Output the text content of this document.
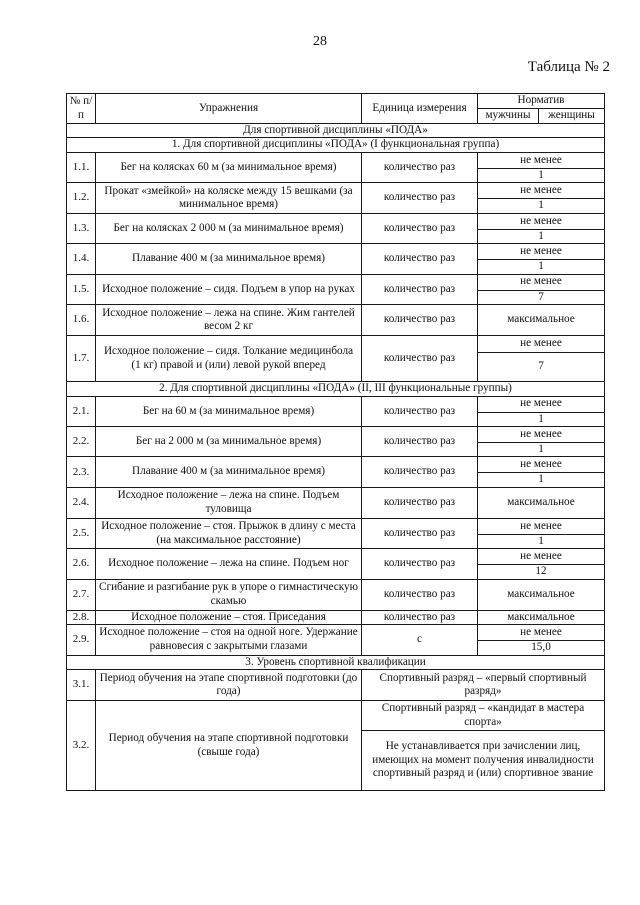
28
Таблица № 2
№ п/п	Упражнения	Единица измерения	Норматив	
			мужчины	женщины
Для спортивной дисциплины «ПОДА»				
1. Для спортивной дисциплины «ПОДА» (I функциональная группа)				
1.1.	Бег на колясках 60 м (за минимальное время)	количество раз	не менее	
			1	
1.2.	Прокат «змейкой» на коляске между 15 вешками (за минимальное время)	количество раз	не менее	
			1	
1.3.	Бег на колясках 2 000 м (за минимальное время)	количество раз	не менее	
			1	
1.4.	Плавание 400 м (за минимальное время)	количество раз	не менее	
			1	
1.5.	Исходное положение – сидя. Подъем в упор на руках	количество раз	не менее	
			7	
1.6.	Исходное положение – лежа на спине. Жим гантелей весом 2 кг	количество раз	максимальное	
1.7.	Исходное положение – сидя. Толкание медицинбола (1 кг) правой и (или) левой рукой вперед	количество раз	не менее	
			7	
2. Для спортивной дисциплины «ПОДА» (II, III функциональные группы)				
2.1.	Бег на 60 м (за минимальное время)	количество раз	не менее	
			1	
2.2.	Бег на 2 000 м (за минимальное время)	количество раз	не менее	
			1	
2.3.	Плавание 400 м (за минимальное время)	количество раз	не менее	
			1	
2.4.	Исходное положение – лежа на спине. Подъем туловища	количество раз	максимальное	
2.5.	Исходное положение – стоя. Прыжок в длину с места (на максимальное расстояние)	количество раз	не менее	
			1	
2.6.	Исходное положение – лежа на спине. Подъем ног	количество раз	не менее	
			12	
2.7.	Сгибание и разгибание рук в упоре о гимнастическую скамью	количество раз	максимальное	
2.8.	Исходное положение – стоя. Приседания	количество раз	максимальное	
2.9.	Исходное положение – стоя на одной ноге. Удержание равновесия с закрытыми глазами	с	не менее	
			15,0	
3. Уровень спортивной квалификации				
3.1.	Период обучения на этапе спортивной подготовки (до года)	Спортивный разряд – «первый спортивный разряд»		
3.2.	Период обучения на этапе спортивной подготовки (свыше года)	Спортивный разряд – «кандидат в мастера спорта»		
		Не устанавливается при зачислении лиц, имеющих на момент получения инвалидности спортивный разряд и (или) спортивное звание		
